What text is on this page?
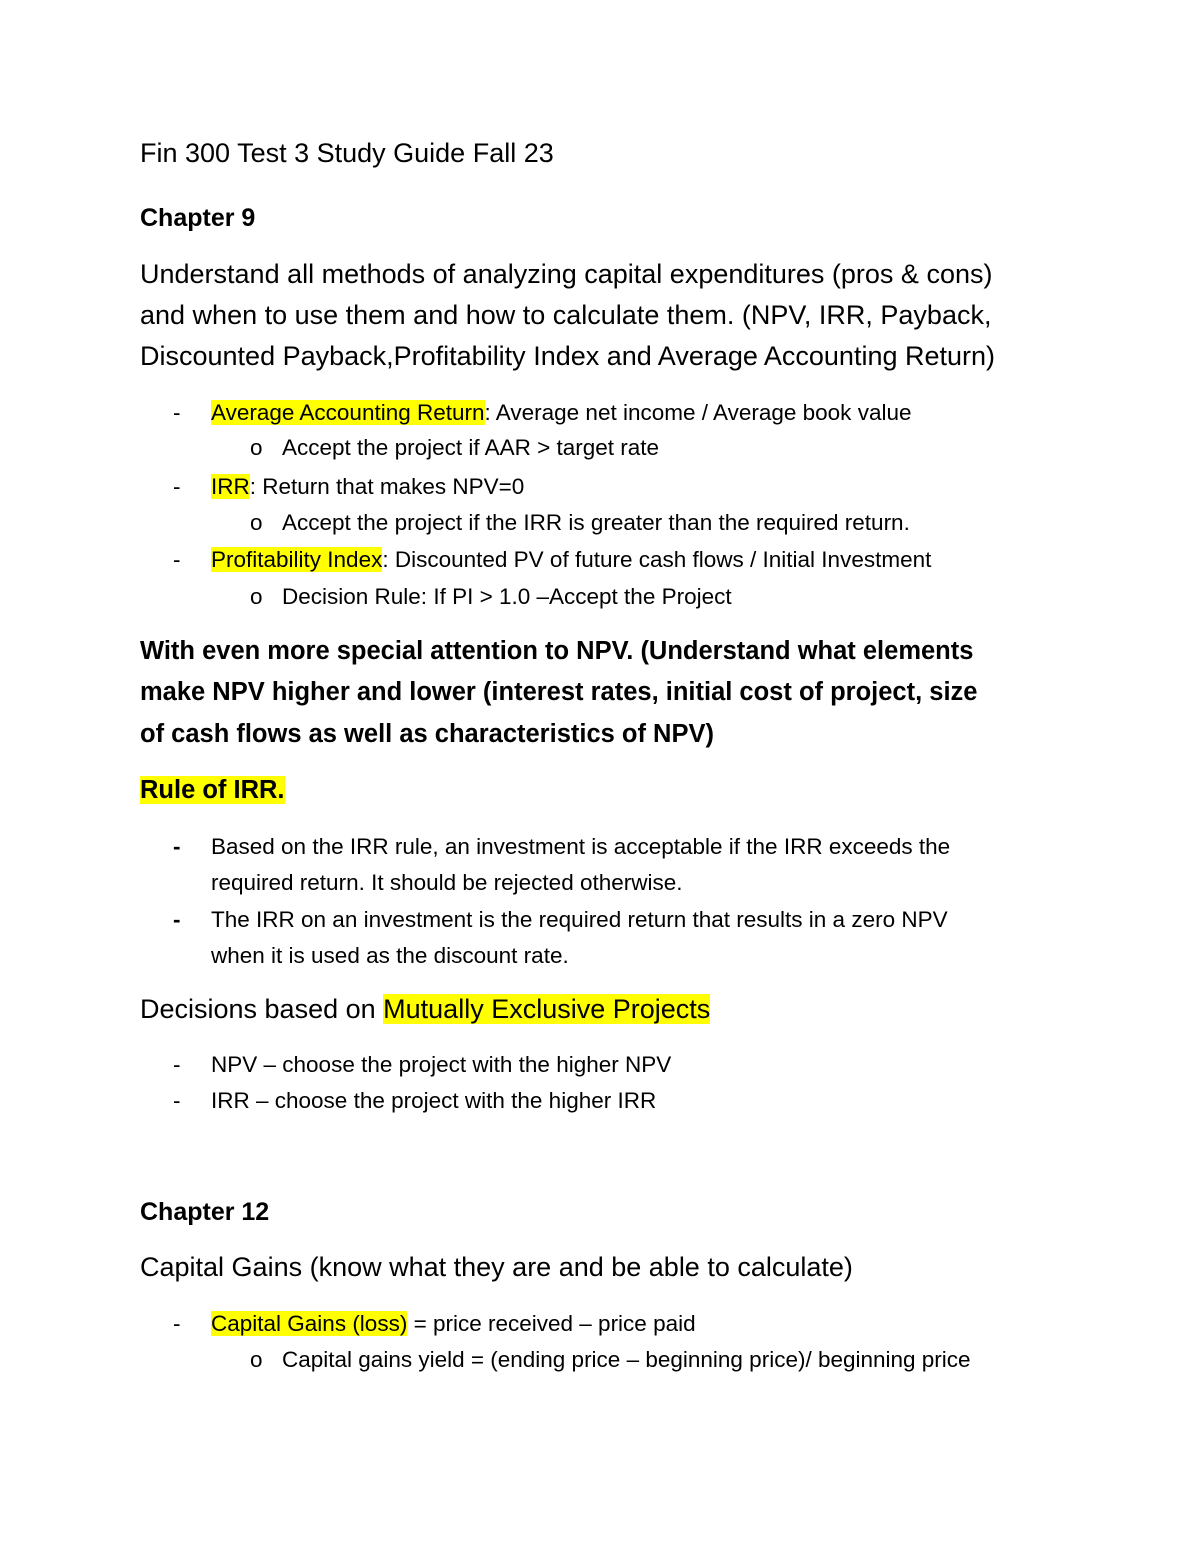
Fin 300 Test 3 Study Guide Fall 23
Chapter 9
Understand all methods of analyzing capital expenditures (pros & cons)
and when to use them and how to calculate them. (NPV, IRR, Payback,
Discounted Payback,Profitability Index and Average Accounting Return)
- Average Accounting Return: Average net income / Average book value
o Accept the project if AAR > target rate
- IRR: Return that makes NPV=0
o Accept the project if the IRR is greater than the required return.
- Profitability Index: Discounted PV of future cash flows / Initial Investment
o Decision Rule: If PI > 1.0 –Accept the Project
With even more special attention to NPV. (Understand what elements
make NPV higher and lower (interest rates, initial cost of project, size
of cash flows as well as characteristics of NPV)
Rule of IRR.
- Based on the IRR rule, an investment is acceptable if the IRR exceeds the
required return. It should be rejected otherwise.
- The IRR on an investment is the required return that results in a zero NPV
when it is used as the discount rate.
Decisions based on Mutually Exclusive Projects
- NPV – choose the project with the higher NPV
- IRR – choose the project with the higher IRR
Chapter 12
Capital Gains (know what they are and be able to calculate)
- Capital Gains (loss) = price received – price paid
o Capital gains yield = (ending price – beginning price)/ beginning price
